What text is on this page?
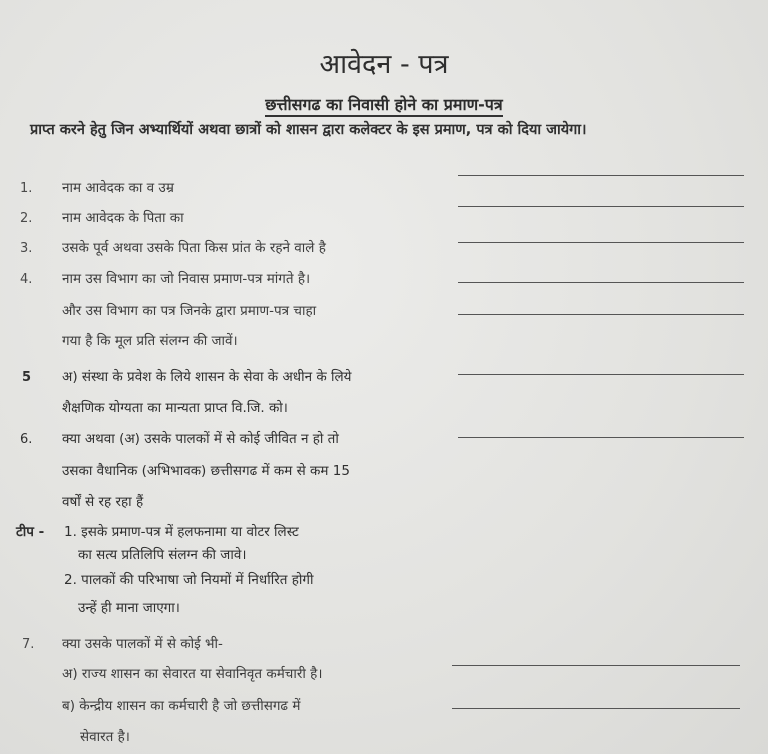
आवेदन - पत्र
छत्तीसगढ का निवासी होने का प्रमाण-पत्र
प्राप्त करने हेतु जिन अभ्यार्थियों अथवा छात्रों को शासन द्वारा कलेक्टर के इस प्रमाण, पत्र को दिया जायेगा।
1. नाम आवेदक का व उम्र
2. नाम आवेदक के पिता का
3. उसके पूर्व अथवा उसके पिता किस प्रांत के रहने वाले है
4. नाम उस विभाग का जो निवास प्रमाण-पत्र मांगते है।
और उस विभाग का पत्र जिनके द्वारा प्रमाण-पत्र चाहा
गया है कि मूल प्रति संलग्न की जावें।
5 अ) संस्था के प्रवेश के लिये शासन के सेवा के अधीन के लिये
शैक्षणिक योग्यता का मान्यता प्राप्त वि.जि. को।
6. क्या अथवा (अ) उसके पालकों में से कोई जीवित न हो तो
उसका वैधानिक (अभिभावक) छत्तीसगढ में कम से कम 15
वर्षों से रह रहा हैं
टीप - 1. इसके प्रमाण-पत्र में हलफनामा या वोटर लिस्ट
का सत्य प्रतिलिपि संलग्न की जावे।
2. पालकों की परिभाषा जो नियमों में निर्धारित होगी
उन्हें ही माना जाएगा।
7. क्या उसके पालकों में से कोई भी-
अ) राज्य शासन का सेवारत या सेवानिवृत कर्मचारी है।
ब) केन्द्रीय शासन का कर्मचारी है जो छत्तीसगढ में
सेवारत है।
